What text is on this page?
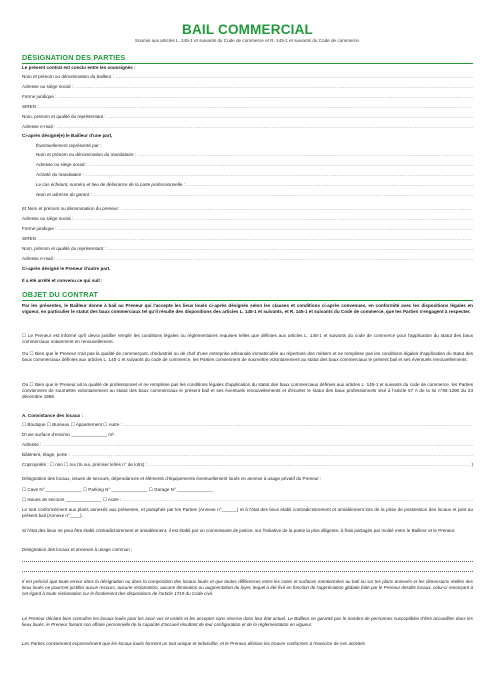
BAIL COMMERCIAL
Soumis aux articles L. 145-1 et suivants du Code de commerce et R. 145-1 et suivants du Code de commerce.
DÉSIGNATION DES PARTIES
Le présent contrat est conclu entre les soussignés :
Nom et prénom ou dénomination du bailleur :
.....
Adresse ou siège social :
.....
Forme juridique :
.....
SIREN :
.....
Nom, prénom et qualité du représentant :
.....
Adresse e-mail :
.....
Ci-après désigné(e) le Bailleur d'une part,
Éventuellement représenté par :
Nom et prénom ou dénomination du mandataire :
.....
Adresse ou siège social :
.....
Activité du mandataire :
.....
Le cas échéant, numéro et lieu de délivrance de la carte professionnelle :
.....
Nom et adresse du garant :
.....
Et Nom et prénom ou dénomination du preneur :
.....
Adresse ou siège social :
.....
Forme juridique :
.....
SIREN :
.....
Nom, prénom et qualité du représentant :
.....
Adresse e-mail :
.....
Ci-après désigné le Preneur d'autre part.
Il a été arrêté et convenu ce qui suit :
OBJET DU CONTRAT
Par les présentes, le Bailleur donne à bail au Preneur qui l'accepte les lieux loués ci-après désignés selon les clauses et conditions ci-après convenues, en conformité avec les dispositions légales en vigueur, en particulier le statut des baux commerciaux tel qu'il résulte des dispositions des articles L. 145-1 et suivants, et R. 145-1 et suivants du Code de commerce, que les Parties s'engagent à respecter.
☐ Le Preneur est informé qu'il devra justifier remplir les conditions légales ou réglementaires requises telles que définies aux articles L. 145-1 et suivants du code de commerce pour l'application du statut des baux commerciaux notamment en renouvellement.
Ou ☐ Bien que le Preneur n'ait pas la qualité de commerçant, d'industriel ou de chef d'une entreprise artisanale immatriculée au répertoire des métiers et ne remplisse pas les conditions légales d'application du statut des baux commerciaux définies aux articles L. 145-1 et suivants du code de commerce, les Parties conviennent de soumettre volontairement au statut des baux commerciaux le présent bail et ses éventuels renouvellements.
Ou ☐ Bien que le Preneur ait la qualité de professionnel et ne remplisse pas les conditions légales d'application du statut des baux commerciaux définies aux articles L. 145-1 et suivants du code de commerce, les Parties conviennent de soumettre volontairement au statut des baux commerciaux le présent bail et ses éventuels renouvellements et d'écarter le statut des baux professionnels visé à l'article 57 A de la loi n°86-1290 du 23 décembre 1986.
A. Consistance des locaux :
☐ Boutique ☐ Bureaux ☐ Appartement ☐ Autre :
.....
D'une surface d'environ ______________ m².
Adresse :
.....
Bâtiment, étage, porte :
.....
Copropriété : ☐ non ☐ oui (Si oui, préciser le/les n° de lot(s) :
.....	)
Désignation des locaux, issues de secours, dépendances et éléments d'équipements éventuellement loués en annexe à usage privatif du Preneur :
☐ Cave N° ______________ ☐ Parking N° ______________ ☐ Garage N° ______________
☐ Issues de secours ______________ ☐ Autre :
.....
Le tout conformément aux plans annexés aux présentes, et paraphés par les Parties (Annexe n°______) et à l'état des lieux établi contradictoirement et amiablement lors de la prise de possession des locaux et joint au présent bail (Annexe n°____).
Si l'état des lieux ne peut être établi contradictoirement et amiablement, il est établi par un commissaire de justice, sur l'initiative de la partie la plus diligente, à frais partagés par moitié entre le Bailleur et le Preneur.
Désignation des locaux et annexes à usage commun :
Il est précisé que toute erreur dans la désignation ou dans la composition des locaux loués et que toutes différences entre les cotes et surfaces mentionnées au bail ou sur les plans annexés et les dimensions réelles des lieux loués ne pourront justifier aucun recours, aucune réclamation, aucune diminution ou augmentation du loyer, lequel a été fixé en fonction de l'appréciation globale faite par le Preneur desdits locaux, celui-ci renonçant à cet égard à toute réclamation sur le fondement des dispositions de l'article 1719 du Code civil.
Le Preneur déclare bien connaître les locaux loués pour les avoir vus et visités et les accepter sans réserve dans leur état actuel. Le Bailleur ne garantit pas le nombre de personnes susceptibles d'être accueillies dans les lieux loués, le Preneur faisant son affaire personnelle de la capacité d'accueil résultant de leur configuration et de la réglementation en vigueur.
Les Parties conviennent expressément que les locaux loués forment un tout unique et indivisible, et le Preneur déclare les trouver conformes à l'exercice de ses activités.
